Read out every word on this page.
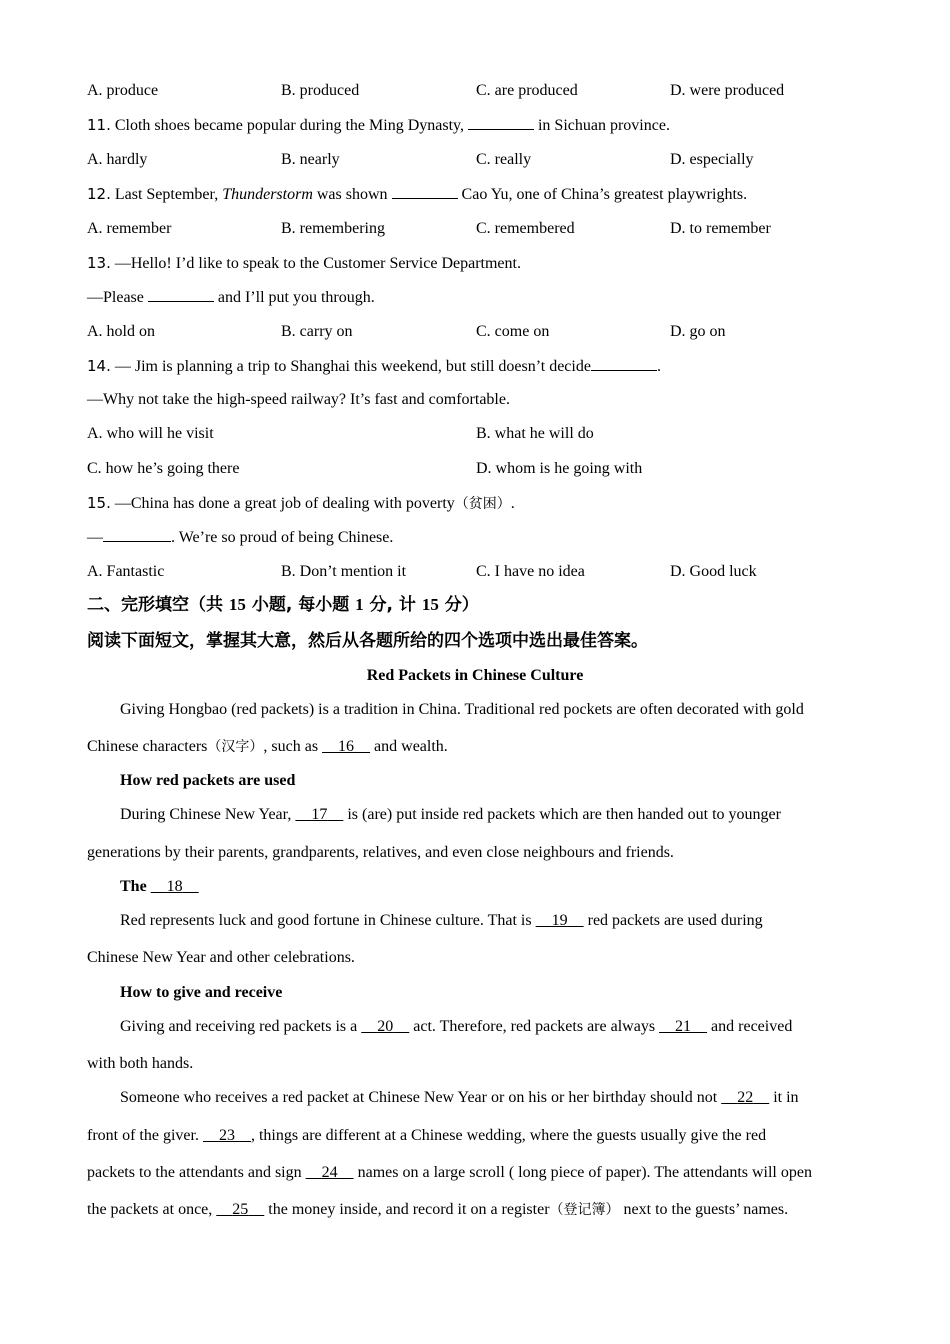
A. produce	B. produced	C. are produced	D. were produced
11. Cloth shoes became popular during the Ming Dynasty,	in Sichuan province.
A. hardly	B. nearly	C. really	D. especially
12. Last September, Thunderstorm was shown	Cao Yu, one of China’s greatest playwrights.
A. remember	B. remembering	C. remembered	D. to remember
13. —Hello! I’d like to speak to the Customer Service Department.
—Please	and I’ll put you through.
A. hold on	B. carry on	C. come on	D. go on
14. — Jim is planning a trip to Shanghai this weekend, but still doesn’t decide	.
—Why not take the high-speed railway? It’s fast and comfortable.
A. who will he visit	B. what he will do
C. how he’s going there	D. whom is he going with
15. —China has done a great job of dealing with poverty（贫困）.
—	. We’re so proud of being Chinese.
A. Fantastic	B. Don’t mention it	C. I have no idea	D. Good luck
二、完形填空（共 15 小题, 每小题 1 分, 计 15 分）
阅读下面短文，掌握其大意，然后从各题所给的四个选项中选出最佳答案。
Red Packets in Chinese Culture
Giving Hongbao (red packets) is a tradition in China. Traditional red pockets are often decorated with gold
Chinese characters（汉字）, such as     16     and wealth.
How red packets are used
During Chinese New Year,     17     is (are) put inside red packets which are then handed out to younger
generations by their parents, grandparents, relatives, and even close neighbours and friends.
The     18
Red represents luck and good fortune in Chinese culture. That is     19     red packets are used during
Chinese New Year and other celebrations.
How to give and receive
Giving and receiving red packets is a     20     act. Therefore, red packets are always     21     and received
with both hands.
Someone who receives a red packet at Chinese New Year or on his or her birthday should not     22     it in
front of the giver.     23 , things are different at a Chinese wedding, where the guests usually give the red
packets to the attendants and sign     24     names on a large scroll ( long piece of paper). The attendants will open
the packets at once,     25     the money inside, and record it on a register（登记簿） next to the guests’ names.
